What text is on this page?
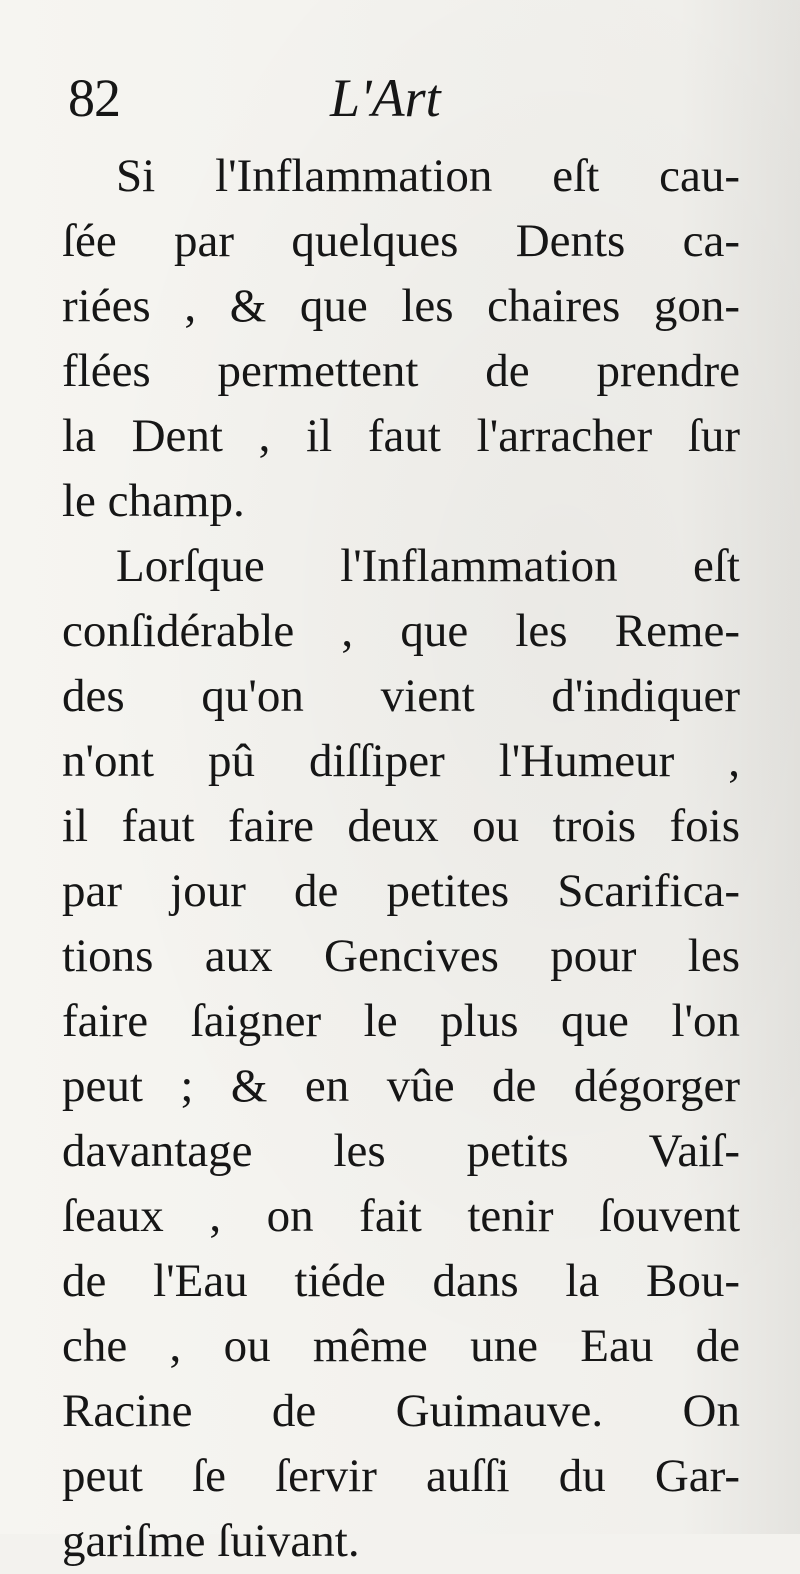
82	L'Art
Si l'Inflammation eſt cau-
ſée par quelques Dents ca-
riées , & que les chaires gon-
flées permettent de prendre
la Dent , il faut l'arracher ſur
le champ.
Lorſque l'Inflammation eſt
conſidérable , que les Reme-
des qu'on vient d'indiquer
n'ont pû diſſiper l'Humeur ,
il faut faire deux ou trois fois
par jour de petites Scarifica-
tions aux Gencives pour les
faire ſaigner le plus que l'on
peut ; & en vûe de dégorger
davantage les petits Vaiſ-
ſeaux , on fait tenir ſouvent
de l'Eau tiéde dans la Bou-
che , ou même une Eau de
Racine de Guimauve. On
peut ſe ſervir auſſi du Gar-
gariſme ſuivant.
